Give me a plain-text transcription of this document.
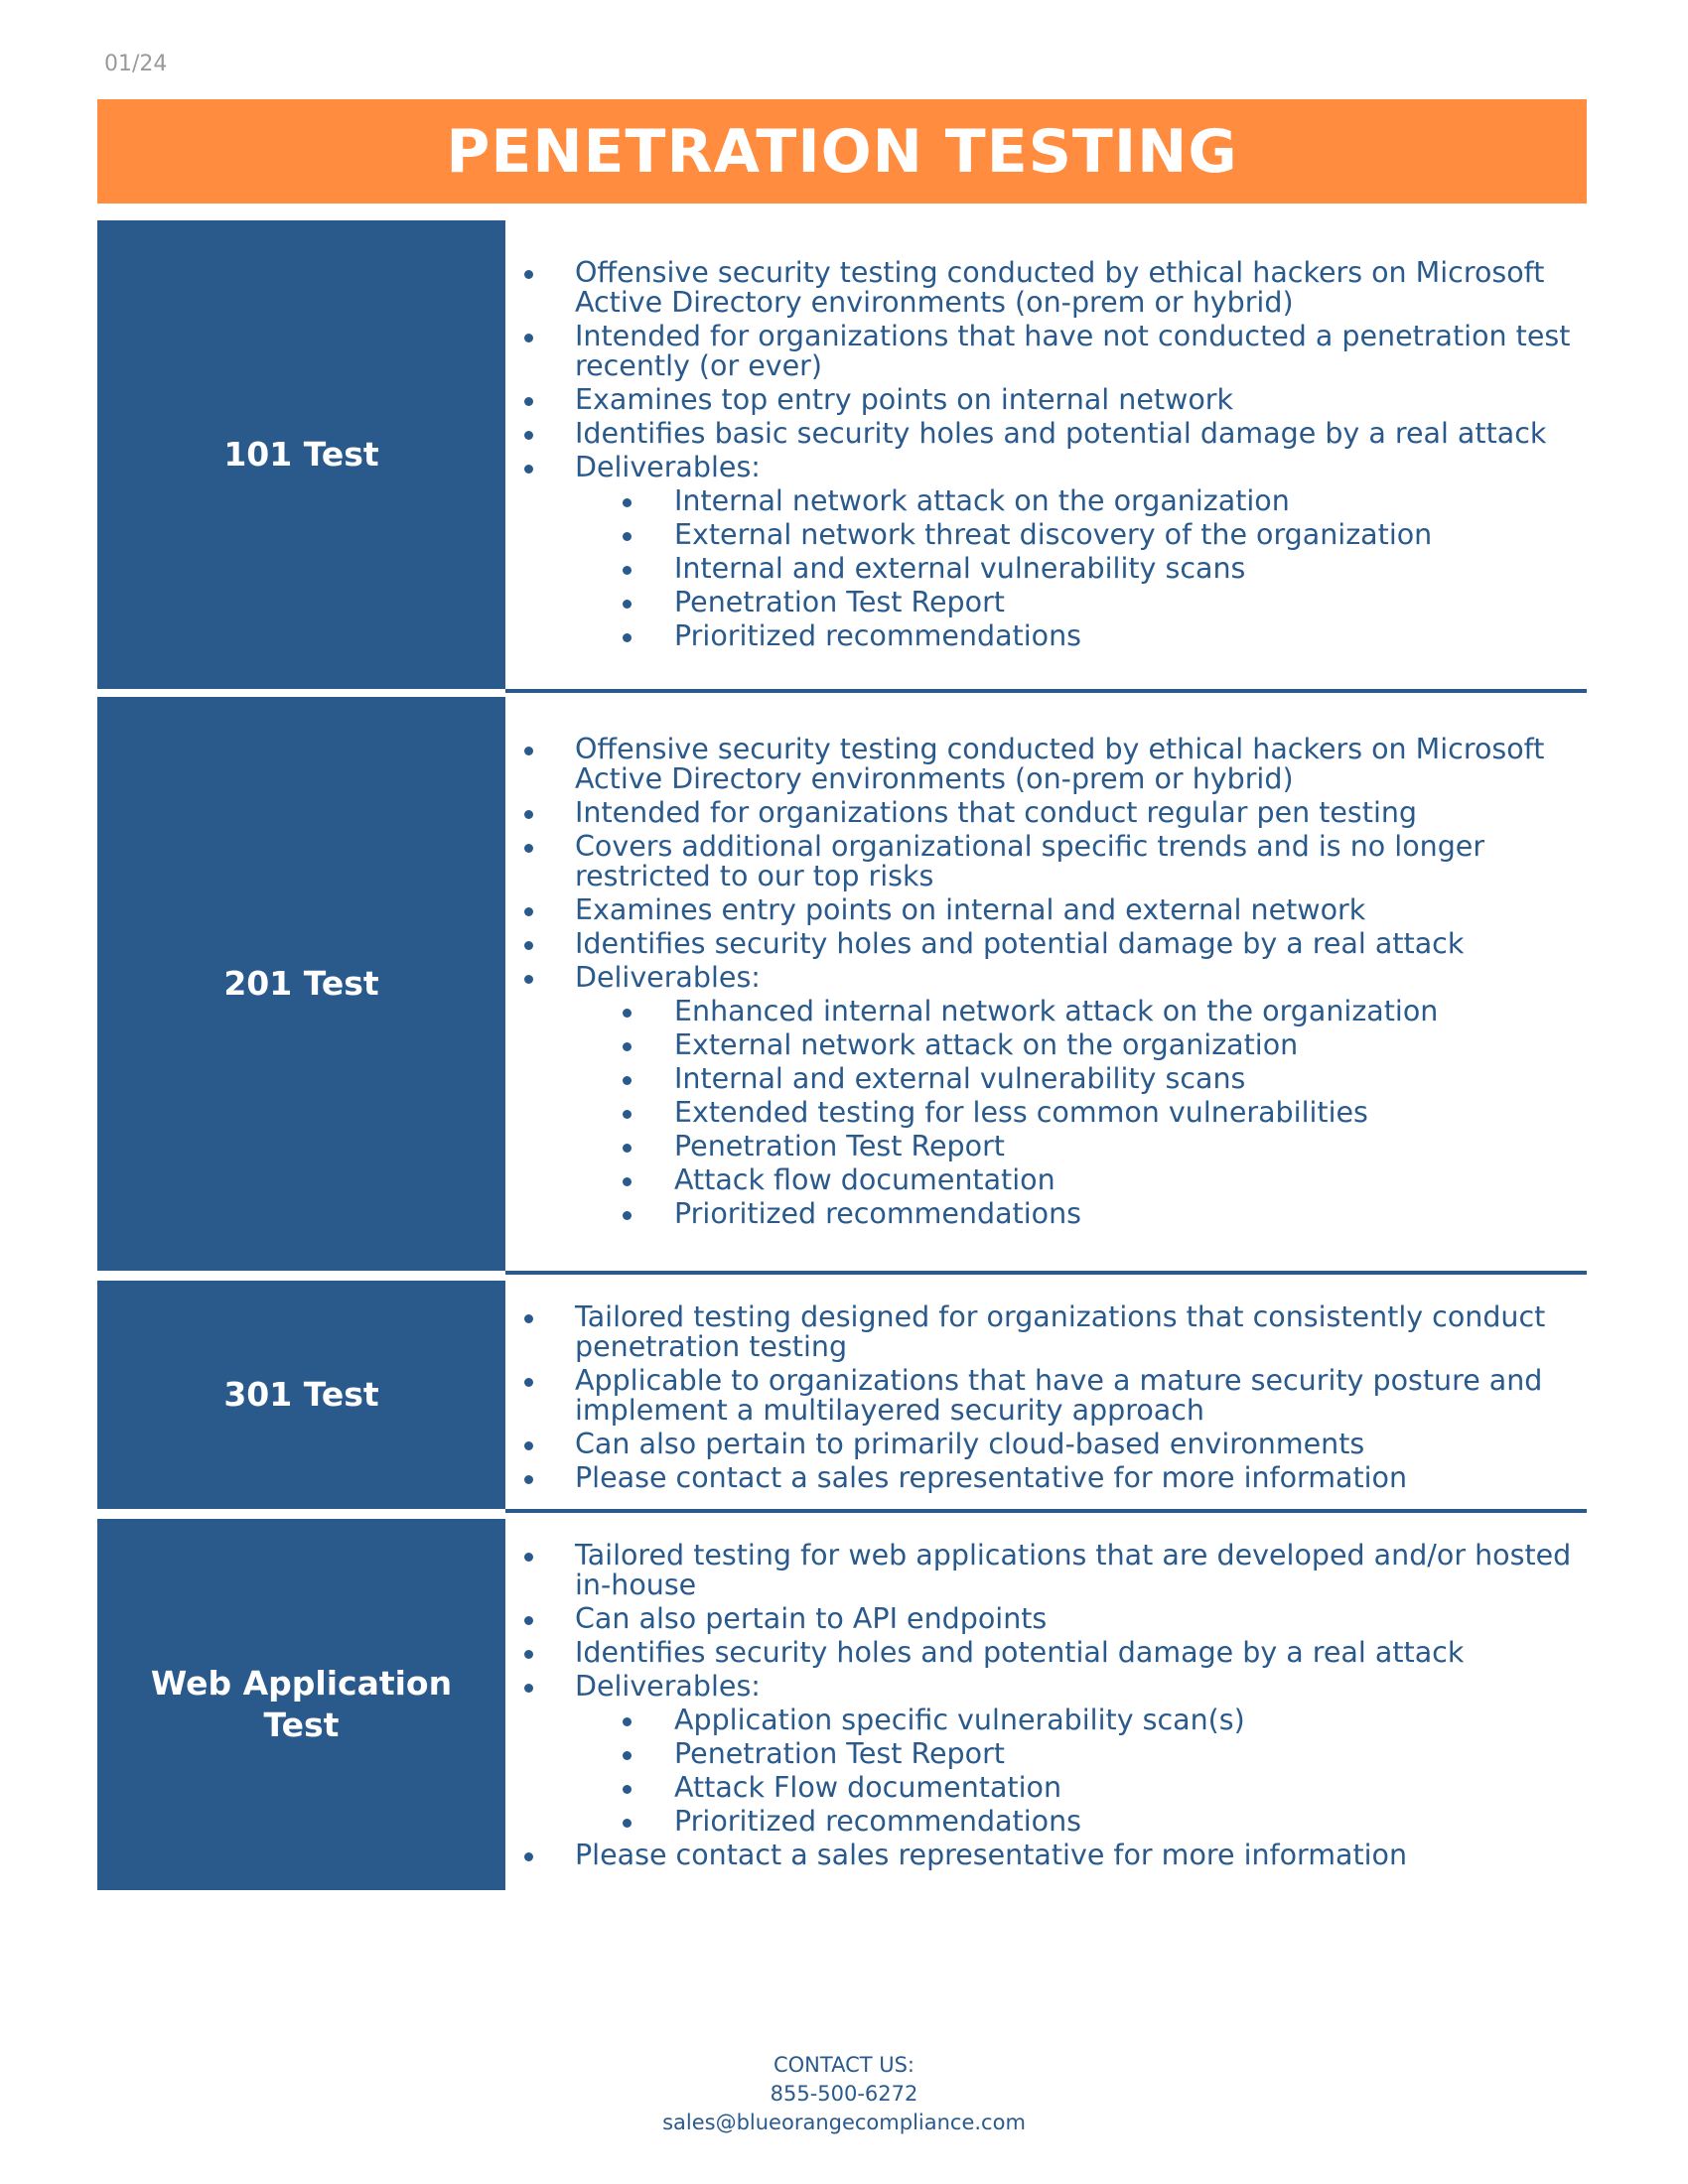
01/24
PENETRATION TESTING
101 Test
Offensive security testing conducted by ethical hackers on Microsoft Active Directory environments (on-prem or hybrid)
Intended for organizations that have not conducted a penetration test recently (or ever)
Examines top entry points on internal network
Identifies basic security holes and potential damage by a real attack
Deliverables:
Internal network attack on the organization
External network threat discovery of the organization
Internal and external vulnerability scans
Penetration Test Report
Prioritized recommendations
201 Test
Offensive security testing conducted by ethical hackers on Microsoft Active Directory environments (on-prem or hybrid)
Intended for organizations that conduct regular pen testing
Covers additional organizational specific trends and is no longer restricted to our top risks
Examines entry points on internal and external network
Identifies security holes and potential damage by a real attack
Deliverables:
Enhanced internal network attack on the organization
External network attack on the organization
Internal and external vulnerability scans
Extended testing for less common vulnerabilities
Penetration Test Report
Attack flow documentation
Prioritized recommendations
301 Test
Tailored testing designed for organizations that consistently conduct penetration testing
Applicable to organizations that have a mature security posture and implement a multilayered security approach
Can also pertain to primarily cloud-based environments
Please contact a sales representative for more information
Web Application Test
Tailored testing for web applications that are developed and/or hosted in-house
Can also pertain to API endpoints
Identifies security holes and potential damage by a real attack
Deliverables:
Application specific vulnerability scan(s)
Penetration Test Report
Attack Flow documentation
Prioritized recommendations
Please contact a sales representative for more information
CONTACT US:
855-500-6272
sales@blueorangecompliance.com
